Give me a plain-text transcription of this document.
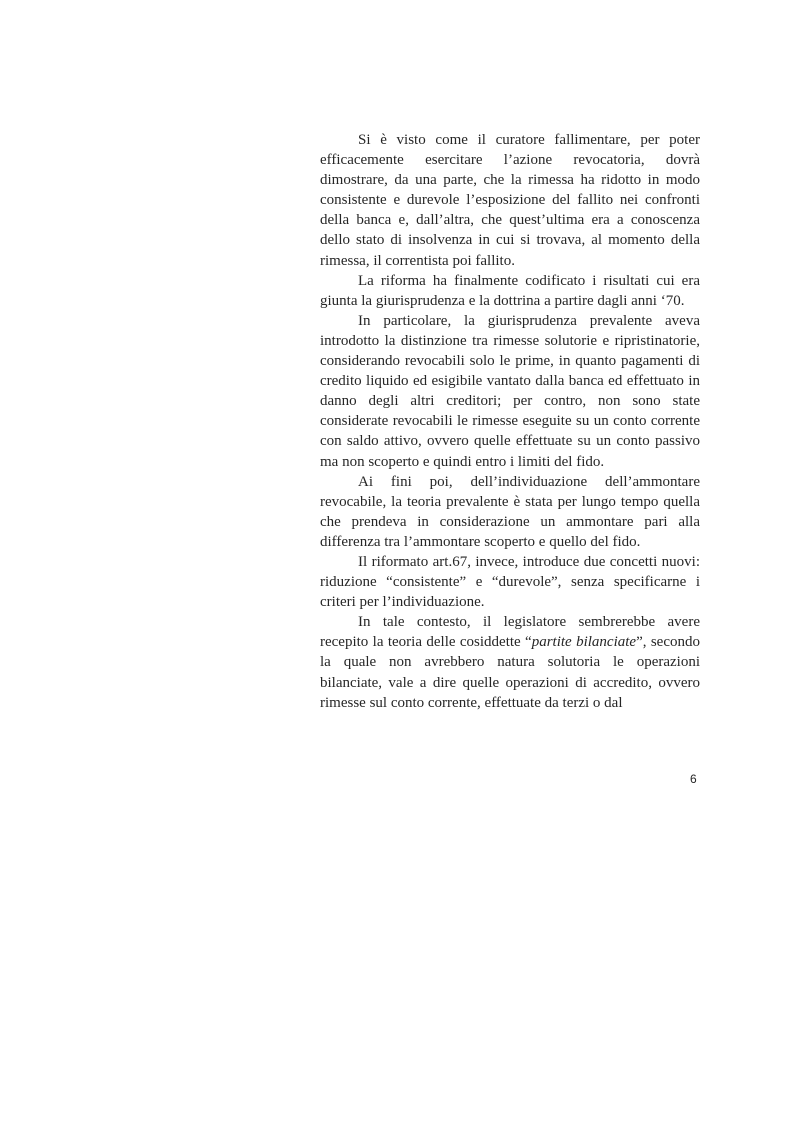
Si è visto come il curatore fallimentare, per poter efficacemente esercitare l’azione revocatoria, dovrà dimostrare, da una parte, che la rimessa ha ridotto in modo consistente e durevole l’esposizione del fallito nei confronti della banca e, dall’altra, che quest’ultima era a conoscenza dello stato di insolvenza in cui si trovava, al momento della rimessa, il correntista poi fallito.

La riforma ha finalmente codificato i risultati cui era giunta la giurisprudenza e la dottrina a partire dagli anni ‘70.

In particolare, la giurisprudenza prevalente aveva introdotto la distinzione tra rimesse solutorie e ripristinatorie, considerando revocabili solo le prime, in quanto pagamenti di credito liquido ed esigibile vantato dalla banca ed effettuato in danno degli altri creditori; per contro, non sono state considerate revocabili le rimesse eseguite su un conto corrente con saldo attivo, ovvero quelle effettuate su un conto passivo ma non scoperto e quindi entro i limiti del fido.

Ai fini poi, dell’individuazione dell’ammontare revocabile, la teoria prevalente è stata per lungo tempo quella che prendeva in considerazione un ammontare pari alla differenza tra l’ammontare scoperto e quello del fido.

Il riformato art.67, invece, introduce due concetti nuovi: riduzione “consistente” e “durevole”, senza specificarne i criteri per l’individuazione.

In tale contesto, il legislatore sembrerebbe avere recepito la teoria delle cosiddette “partite bilanciate”, secondo la quale non avrebbero natura solutoria le operazioni bilanciate, vale a dire quelle operazioni di accredito, ovvero rimesse sul conto corrente, effettuate da terzi o dal

6
